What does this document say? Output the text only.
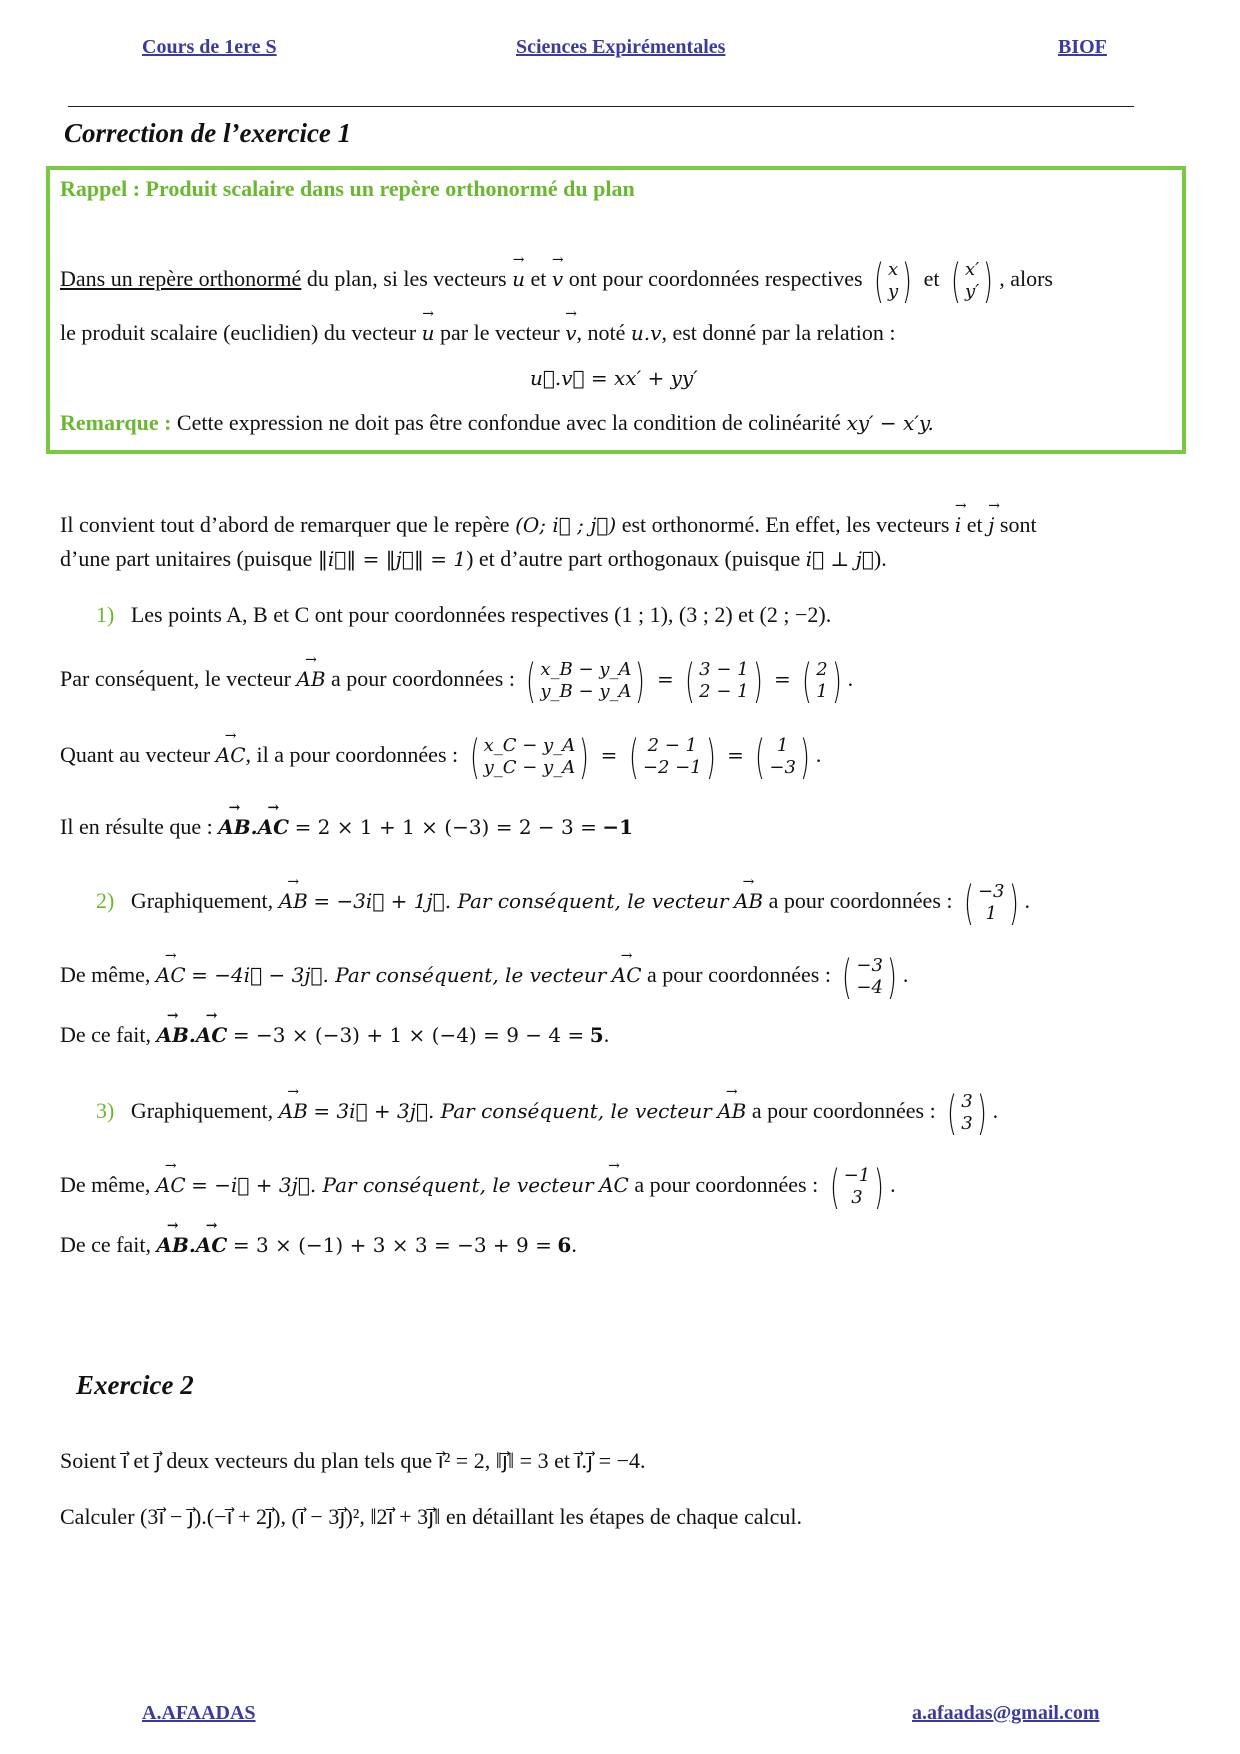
Cours de 1ere S	Sciences Expirémentales	BIOF
Correction de l’exercice 1
Rappel : Produit scalaire dans un repère orthonormé du plan
Dans un repère orthonormé du plan, si les vecteurs → u et → v ont pour coordonnées respectives ( x
y ) et ( x′
y′ ) , alors
le produit scalaire (euclidien) du vecteur → u par le vecteur → v, noté u.v, est donné par la relation :
u⃗.v⃗ = xx′ + yy′
Remarque : Cette expression ne doit pas être confondue avec la condition de colinéarité xy′ − x′y.
Il convient tout d’abord de remarquer que le repère (O; i⃗ ; j⃗) est orthonormé. En effet, les vecteurs → i et → j sont
d’une part unitaires (puisque ‖i⃗‖ = ‖j⃗‖ = 1) et d’autre part orthogonaux (puisque i⃗ ⊥ j⃗).
1) Les points A, B et C ont pour coordonnées respectives (1 ; 1), (3 ; 2) et (2 ; −2).
Par conséquent, le vecteur → AB a pour coordonnées : ( x_B − y_A
y_B − y_A ) = ( 3 − 1
2 − 1 ) = ( 2
1 ) .
Quant au vecteur → AC, il a pour coordonnées : ( x_C − y_A
y_C − y_A ) = ( 2 − 1
−2 −1 ) = ( 1
−3 ) .
Il en résulte que : → AB.→ AC = 2 × 1 + 1 × (−3) = 2 − 3 = −1
2) Graphiquement, → AB = −3i⃗ + 1j⃗. Par conséquent, le vecteur → AB a pour coordonnées : ( −3
1 ) .
De même, → AC = −4i⃗ − 3j⃗. Par conséquent, le vecteur → AC a pour coordonnées : ( −3
−4 ) .
De ce fait, → AB.→ AC = −3 × (−3) + 1 × (−4) = 9 − 4 = 5.
3) Graphiquement, → AB = 3i⃗ + 3j⃗. Par conséquent, le vecteur → AB a pour coordonnées : ( 3
3 ) .
De même, → AC = −i⃗ + 3j⃗. Par conséquent, le vecteur → AC a pour coordonnées : ( −1
3 ) .
De ce fait, → AB.→ AC = 3 × (−1) + 3 × 3 = −3 + 9 = 6.
Exercice 2
Soient i⃗ et j⃗ deux vecteurs du plan tels que i⃗² = 2, ‖j⃗‖ = 3 et i⃗.j⃗ = −4.
Calculer (3i⃗ − j⃗).(−i⃗ + 2j⃗), (i⃗ − 3j⃗)², ‖2i⃗ + 3j⃗‖ en détaillant les étapes de chaque calcul.
A.AFAADAS	a.afaadas@gmail.com
